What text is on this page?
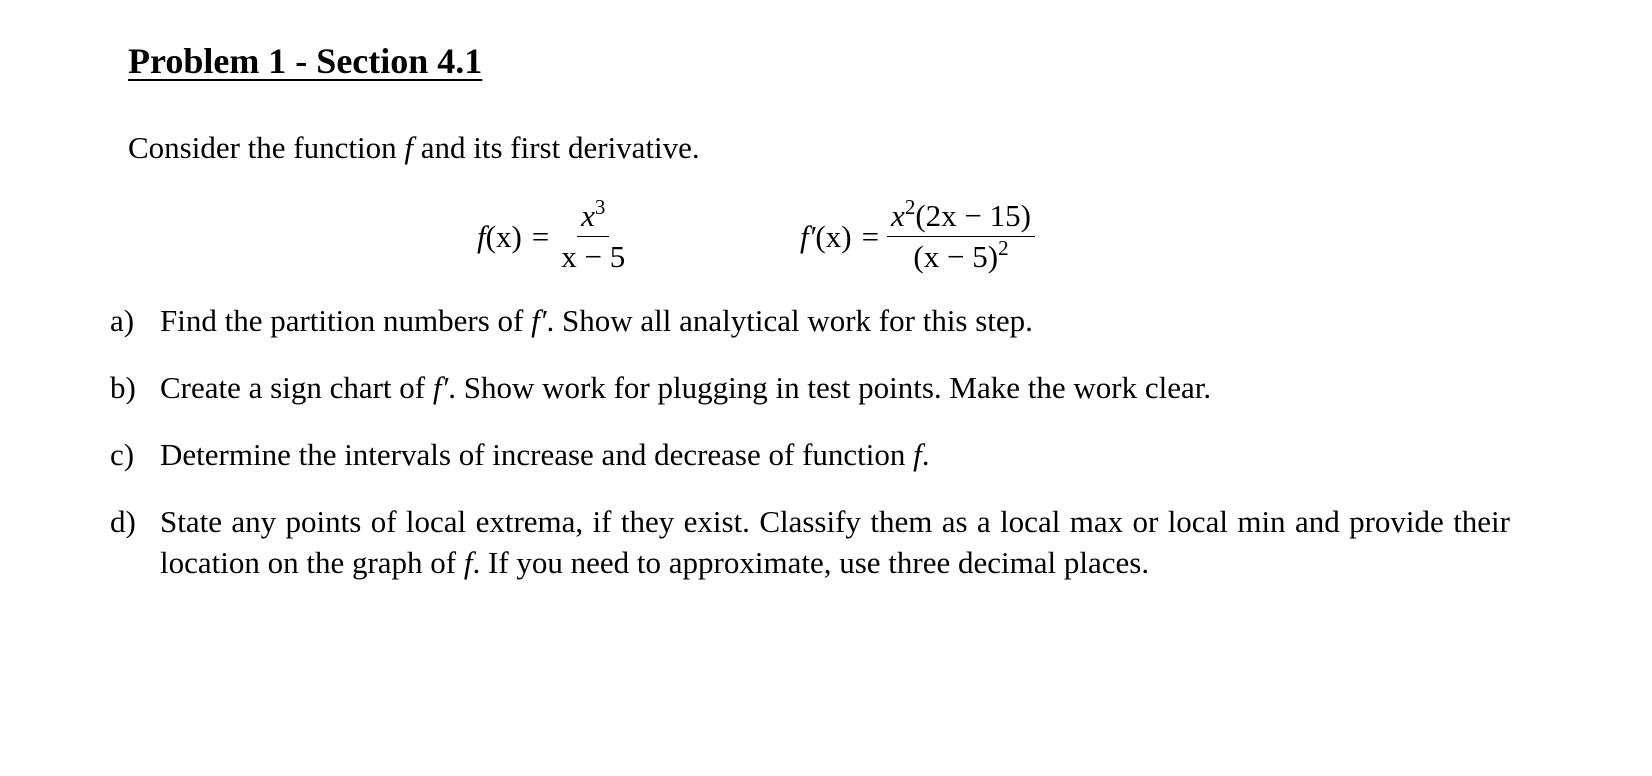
Problem 1 - Section 4.1
Consider the function f and its first derivative.
$f(x) = \frac{x^3}{x - 5}$	$f'(x) = \frac{x^2(2x - 15)}{(x - 5)^2}$
a) Find the partition numbers of f′. Show all analytical work for this step.
b) Create a sign chart of f′. Show work for plugging in test points. Make the work clear.
c) Determine the intervals of increase and decrease of function f.
d) State any points of local extrema, if they exist. Classify them as a local max or local min and provide their location on the graph of f. If you need to approximate, use three decimal places.
